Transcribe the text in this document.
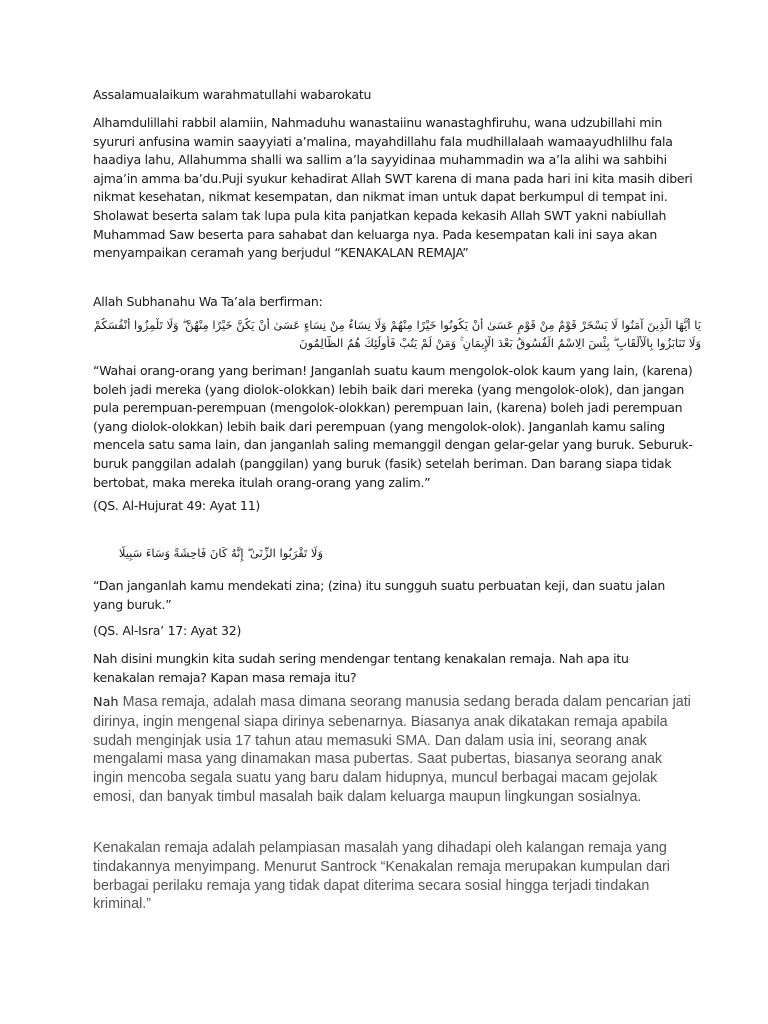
Assalamualaikum warahmatullahi wabarokatu

Alhamdulillahi rabbil alamiin, Nahmaduhu wanastaiinu wanastaghfiruhu, wana udzubillahi min syururi anfusina wamin saayyiati a’malina, mayahdillahu fala mudhillalaah wamaayudhlilhu fala haadiya lahu, Allahumma shalli wa sallim a’la sayyidinaa muhammadin wa a’la alihi wa sahbihi ajma’in amma ba’du.Puji syukur kehadirat Allah SWT karena di mana pada hari ini kita masih diberi nikmat kesehatan, nikmat kesempatan, dan nikmat iman untuk dapat berkumpul di tempat ini. Sholawat beserta salam tak lupa pula kita panjatkan kepada kekasih Allah SWT yakni nabiullah Muhammad Saw beserta para sahabat dan keluarga nya. Pada kesempatan kali ini saya akan menyampaikan ceramah yang berjudul “KENAKALAN REMAJA”

Allah Subhanahu Wa Ta’ala berfirman:

يَا أَيُّهَا الَّذِينَ آمَنُوا لَا يَسْخَرْ قَوْمٌ مِنْ قَوْمٍ عَسَىٰ أَنْ يَكُونُوا خَيْرًا مِنْهُمْ وَلَا نِسَاءٌ مِنْ نِسَاءٍ عَسَىٰ أَنْ يَكُنَّ خَيْرًا مِنْهُنَّ ۖ وَلَا تَلْمِزُوا أَنْفُسَكُمْ
وَلَا تَنَابَزُوا بِالْأَلْقَابِ ۖ بِئْسَ الِاسْمُ الْفُسُوقُ بَعْدَ الْإِيمَانِ ۚ وَمَنْ لَمْ يَتُبْ فَأُولَٰئِكَ هُمُ الظَّالِمُونَ

“Wahai orang-orang yang beriman! Janganlah suatu kaum mengolok-olok kaum yang lain, (karena) boleh jadi mereka (yang diolok-olokkan) lebih baik dari mereka (yang mengolok-olok), dan jangan pula perempuan-perempuan (mengolok-olokkan) perempuan lain, (karena) boleh jadi perempuan (yang diolok-olokkan) lebih baik dari perempuan (yang mengolok-olok). Janganlah kamu saling mencela satu sama lain, dan janganlah saling memanggil dengan gelar-gelar yang buruk. Seburuk-buruk panggilan adalah (panggilan) yang buruk (fasik) setelah beriman. Dan barang siapa tidak bertobat, maka mereka itulah orang-orang yang zalim.”

(QS. Al-Hujurat 49: Ayat 11)

وَلَا تَقْرَبُوا الزِّنَىٰ ۖ إِنَّهُ كَانَ فَاحِشَةً وَسَاءَ سَبِيلًا

“Dan janganlah kamu mendekati zina; (zina) itu sungguh suatu perbuatan keji, dan suatu jalan yang buruk.”

(QS. Al-Isra’ 17: Ayat 32)

Nah disini mungkin kita sudah sering mendengar tentang kenakalan remaja. Nah apa itu kenakalan remaja? Kapan masa remaja itu?

Nah Masa remaja, adalah masa dimana seorang manusia sedang berada dalam pencarian jati dirinya, ingin mengenal siapa dirinya sebenarnya. Biasanya anak dikatakan remaja apabila sudah menginjak usia 17 tahun atau memasuki SMA. Dan dalam usia ini, seorang anak mengalami masa yang dinamakan masa pubertas. Saat pubertas, biasanya seorang anak ingin mencoba segala suatu yang baru dalam hidupnya, muncul berbagai macam gejolak emosi, dan banyak timbul masalah baik dalam keluarga maupun lingkungan sosialnya.

Kenakalan remaja adalah pelampiasan masalah yang dihadapi oleh kalangan remaja yang tindakannya menyimpang. Menurut Santrock “Kenakalan remaja merupakan kumpulan dari berbagai perilaku remaja yang tidak dapat diterima secara sosial hingga terjadi tindakan kriminal.”
